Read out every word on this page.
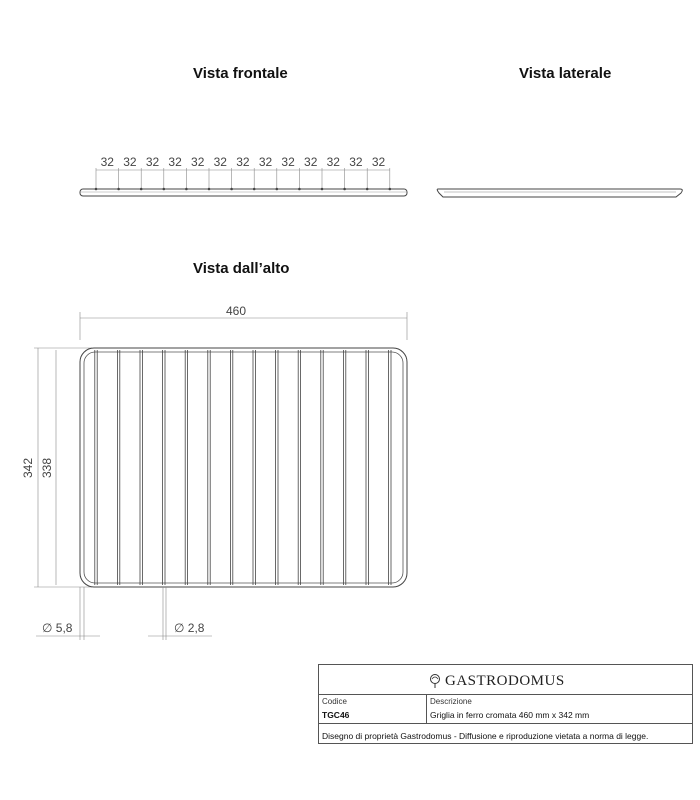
Vista frontale	Vista laterale
Vista dall’alto
32 32 32 32 32 32 32 32 32 32 32 32 32
460
342 338
∅ 5,8	∅ 2,8
GASTRODOMUS
Codice
TGC46
Descrizione
Griglia in ferro cromata 460 mm x 342 mm
Disegno di proprietà Gastrodomus - Diffusione e riproduzione vietata a norma di legge.
